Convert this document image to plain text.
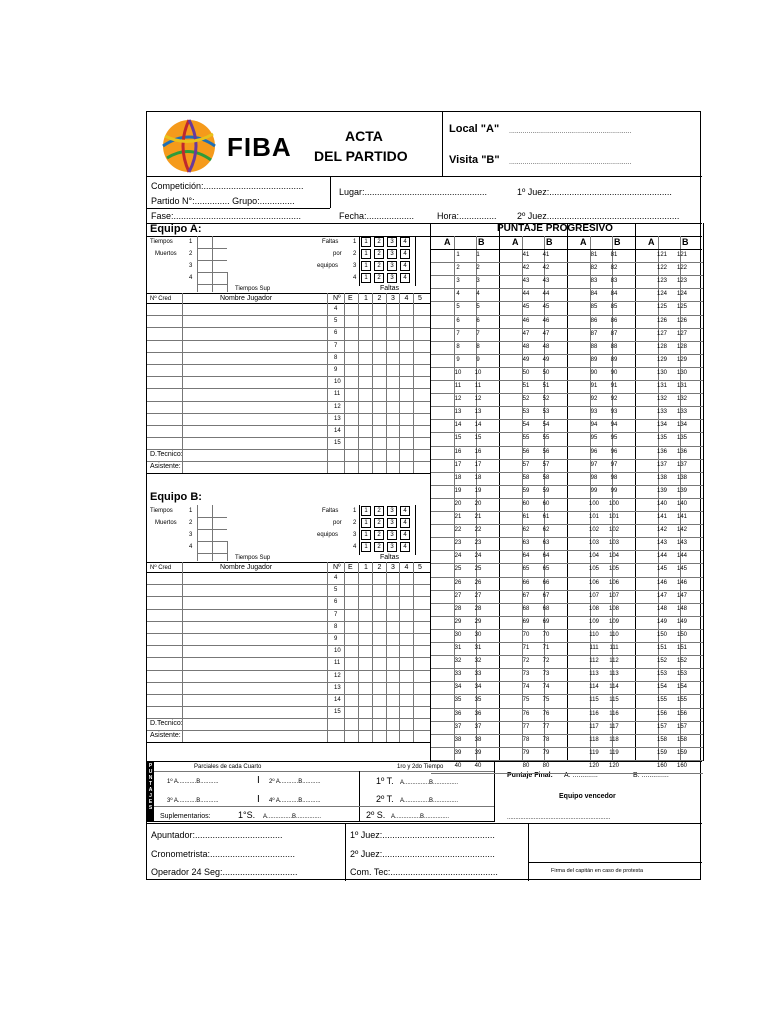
FIBA	ACTA
DEL PARTIDO
Local "A" ...............................................................
Visita "B" ...............................................................
Competición:........................................
Partido N°:.............. Grupo:..............
Fase:...................................................
Lugar:.................................................	1º Juez:.................................................
Fecha:...................	Hora:............... 2º Juez.....................................................
Equipo A:	PUNTAJE PROGRESIVO
Equipo B:
P
U
N
T
A
J
E
S
Parciales de cada Cuarto	1ro y 2do Tiempo
1º A...........B...........	I 2º A...........B...........
3º A...........B...........	I 4º A...........B...........
1º T. A...............B...............
2º T. A...............B...............
Suplementarios:	1°S. A...............B...............	2º S. A...............B...............
Puntaje Final: A: .............	B: ..............
Equipo vencedor
..............................................................
Apuntador:...................................
Cronometrista:..................................
Operador 24 Seg:..............................
1º Juez:.............................................
2º Juez:.............................................
Com. Tec:...........................................	Firma del capitán en caso de protesta
Tiempos
Muertos
1
2
3
4
Faltas
por
equipos
1	1	2	3	4
2	1	2	3	4
3	1	2	3	4
4	1	2	3	4
Tiempos Sup	Faltas
Nº Cred	Nombre Jugador	Nº E 1 2 3 4 5
4
5
6
7
8
9
10
11
12
13
14
15
D.Tecnico:
Asistente:
Tiempos
Muertos
1
2
3
4
Faltas
por
equipos
1	1	2	3	4
2	1	2	3	4
3	1	2	3	4
4	1	2	3	4
Tiempos Sup	Faltas
Nº Cred	Nombre Jugador	Nº E 1 2 3 4 5
4
5
6
7
8
9
10
11
12
13
14
15
D.Tecnico:
Asistente:
A	B
1	1
2	2
3	3
4	4
5	5
6	6
7	7
8	8
9	9
10	10
11	11
12	12
13	13
14	14
15	15
16	16
17	17
18	18
19	19
20	20
21	21
22	22
23	23
24	24
25	25
26	26
27	27
28	28
29	29
30	30
31	31
32	32
33	33
34	34
35	35
36	36
37	37
38	38
39	39
40	40
A	B
41	41
42	42
43	43
44	44
45	45
46	46
47	47
48	48
49	49
50	50
51	51
52	52
53	53
54	54
55	55
56	56
57	57
58	58
59	59
60	60
61	61
62	62
63	63
64	64
65	65
66	66
67	67
68	68
69	69
70	70
71	71
72	72
73	73
74	74
75	75
76	76
77	77
78	78
79	79
80	80
A	B
81	81
82	82
83	83
84	84
85	85
86	86
87	87
88	88
89	89
90	90
91	91
92	92
93	93
94	94
95	95
96	96
97	97
98	98
99	99
100	100
101	101
102	102
103	103
104	104
105	105
106	106
107	107
108	108
109	109
110	110
111	111
112	112
113	113
114	114
115	115
116	116
117	117
118	118
119	119
120	120
A	B
121	121
122	122
123	123
124	124
125	125
126	126
127	127
128	128
129	129
130	130
131	131
132	132
133	133
134	134
135	135
136	136
137	137
138	138
139	139
140	140
141	141
142	142
143	143
144	144
145	145
146	146
147	147
148	148
149	149
150	150
151	151
152	152
153	153
154	154
155	155
156	156
157	157
158	158
159	159
160	160
